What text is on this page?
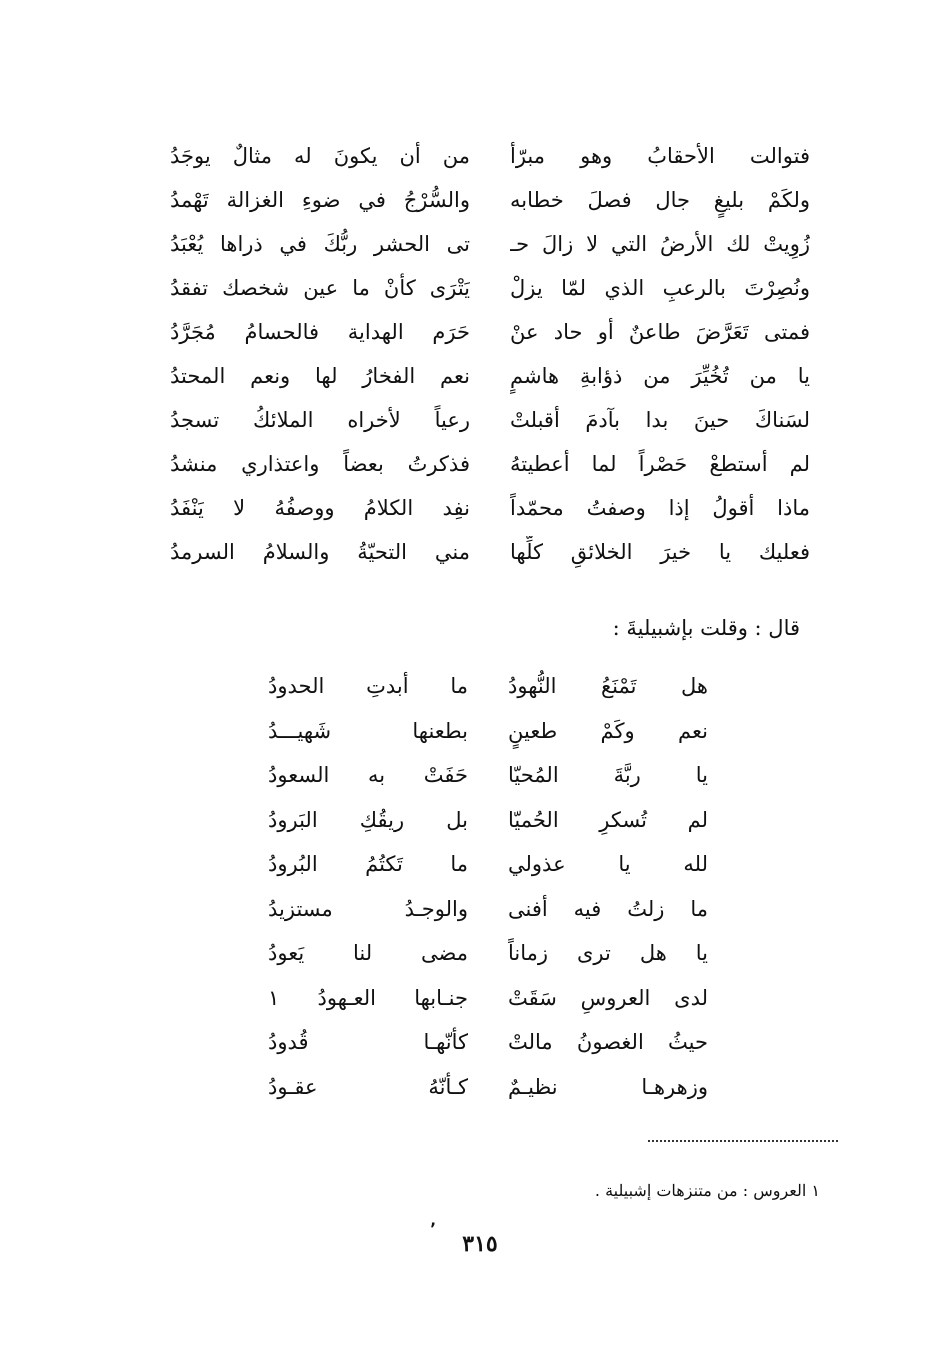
فتوالت الأحقابُ وهو مبرّأ
من أن يكونَ له مثالٌ يوجَدُ
ولكَمْ بليغٍ جال فصلَ خطابه
والسُّرْجُ في ضوءِ الغزالة تَهْمدُ
زُوِيتْ لك الأرضُ التي لا زالَ حـ
تى الحشر ربُّكَ في ذراها يُعْبَدُ
ونُصِرْتَ بالرعبِ الذي لمّا يزلْ
يَتْرَى كأنْ ما عين شخصك تفقدُ
فمتى تَعَرَّضَ طاعنٌ أو حاد عنْ
حَرَم الهداية فالحسامُ مُجَرَّدُ
يا من تُخُيِّرَ من ذؤابةِ هاشمٍ
نعم الفخارُ لها ونعم المحتدُ
لسَناكَ حينَ بدا بآدمَ أقبلتْ
رعياً لأخراه الملائكُ تسجدُ
لم أستطعْ حَصْراً لما أعطيتهُ
فذكرتُ بعضاً واعتذاري منشدُ
ماذا أقولُ إذا وصفتُ محمّداً
نفِد الكلامُ ووصفُهُ لا يَنْفَدُ
فعليك يا خيرَ الخلائقِ كلِّها
مني التحيّةُ والسلامُ السرمدُ
قال : وقلت بإشبيليةَ :
هل تَمْنَعُ النُّهودُ
ما أبدتِ الحدودُ
نعم وكَمْ طعينٍ
بطعنها شَهيـــدُ
يا ربَّةَ المُحيّا
حَفَتْ به السعودُ
لم تُسكرِ الحُميّا
بل ريقُكِ البَرودُ
لله يا عذولي
ما تَكتُمُ البُرودُ
ما زلتُ فيه أفنى
والوجـدُ مستزيدُ
يا هل ترى زماناً
مضى لنا يَعودُ
لدى العروسِ سَقَتْ
جنـابها العـهودُ ١
حيثُ الغصونُ مالتْ
كأنّهـا قُدودُ
وزهرهـا نظيـمٌ
كـأنّهُ عقـودُ
١ العروس : من متنزهات إشبيلية .
٬
٣١٥
